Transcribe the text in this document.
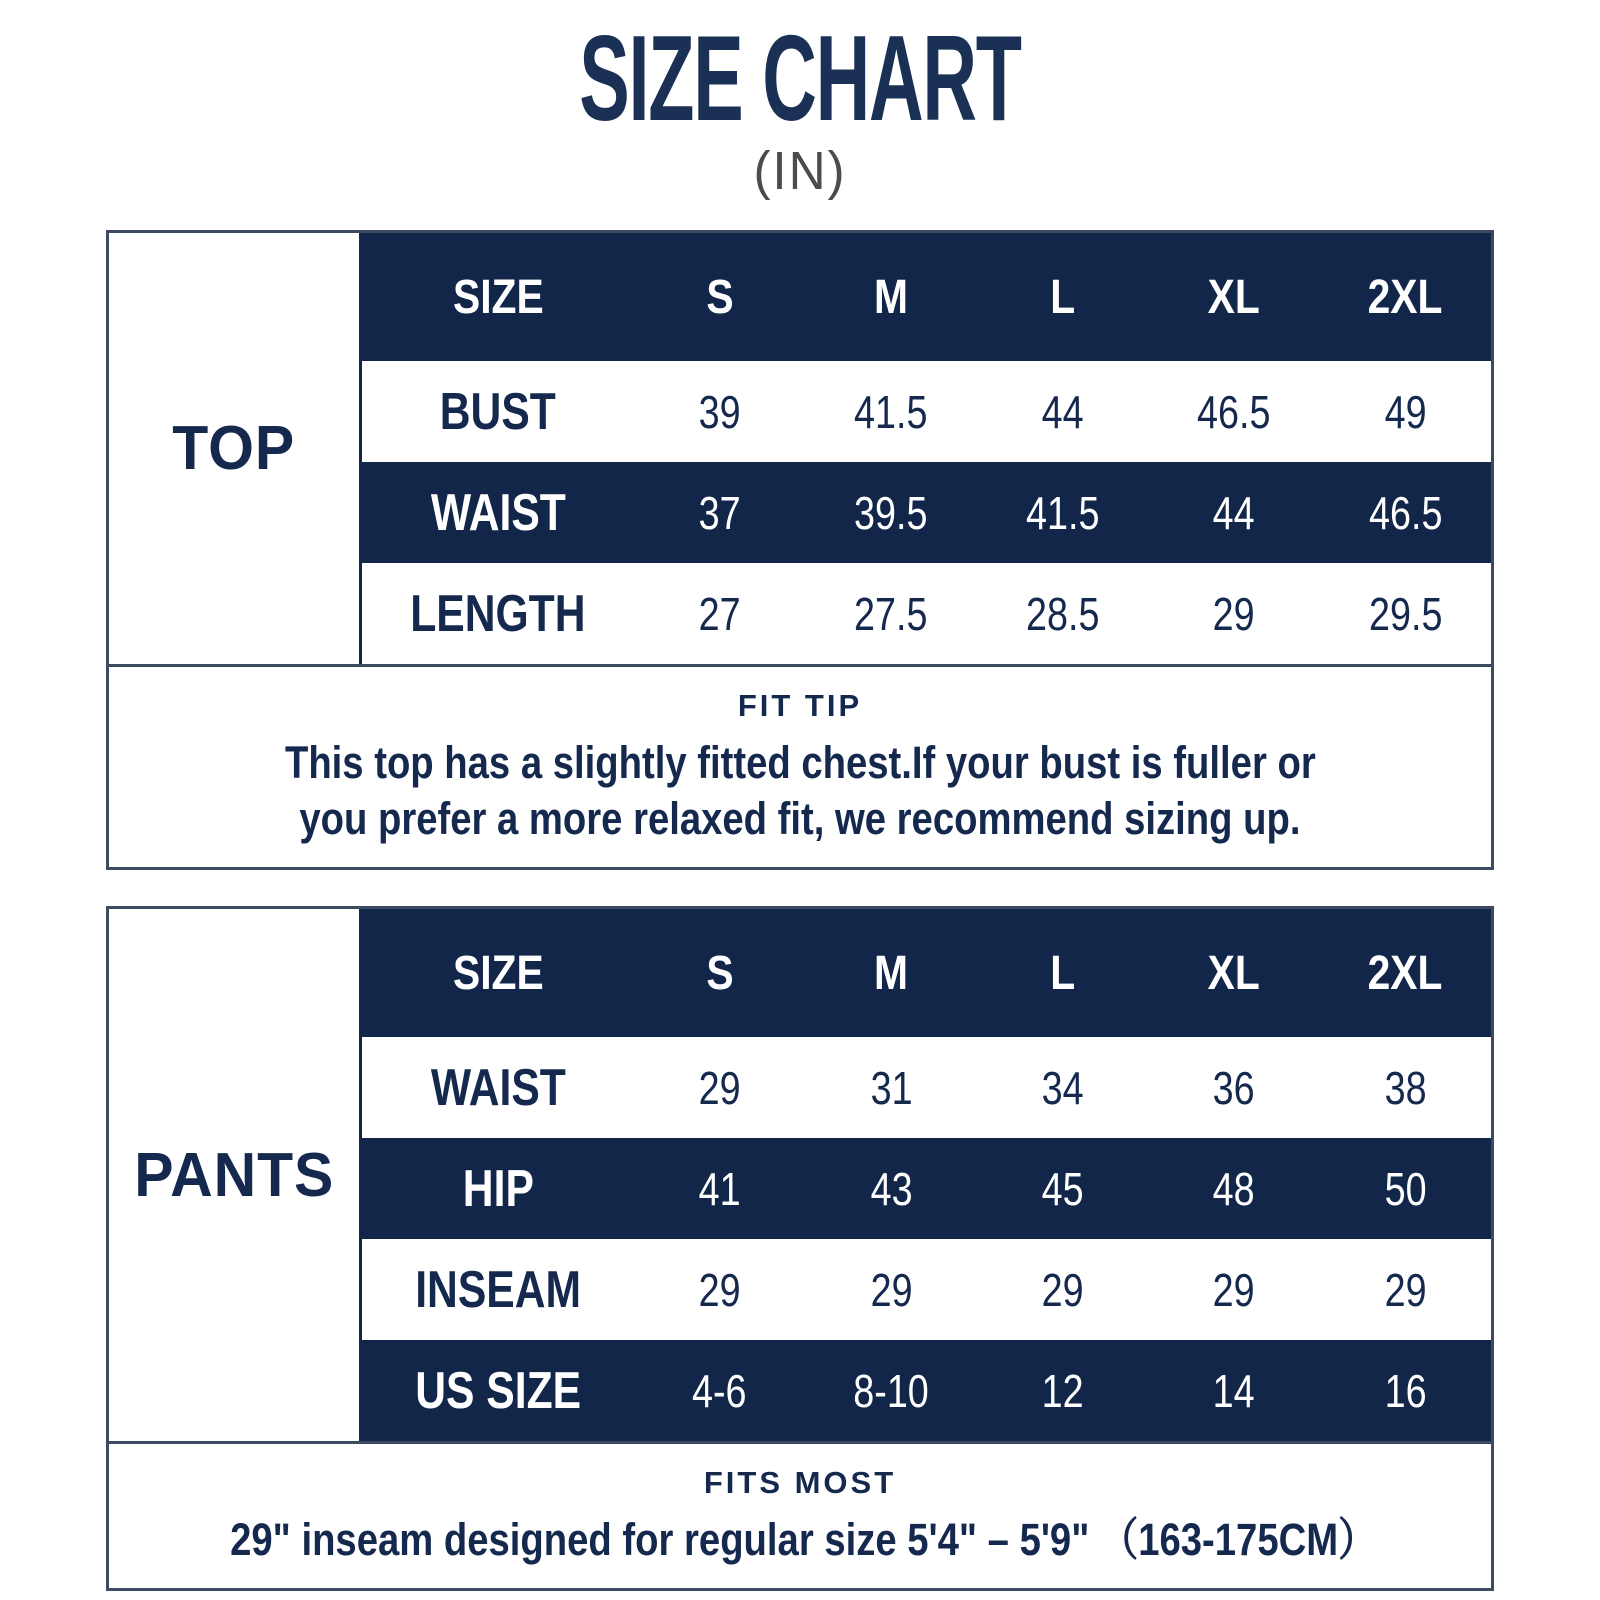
SIZE CHART
(IN)
TOP
SIZE	S	M	L	XL 2XL
BUST	39 41.5 44 46.5 49
WAIST	37 39.5 41.5 44 46.5
LENGTH 27 27.5 28.5 29 29.5
FIT TIP
This top has a slightly fitted chest.If your bust is fuller or
you prefer a more relaxed fit, we recommend sizing up.
PANTS
SIZE	S	M	L	XL 2XL
WAIST	29	31	34	36	38
HIP	41	43	45	48	50
INSEAM	29	29	29	29	29
US SIZE 4-6 8-10 12	14	16
FITS MOST
29" inseam designed for regular size 5'4" – 5'9" （163-175CM）
